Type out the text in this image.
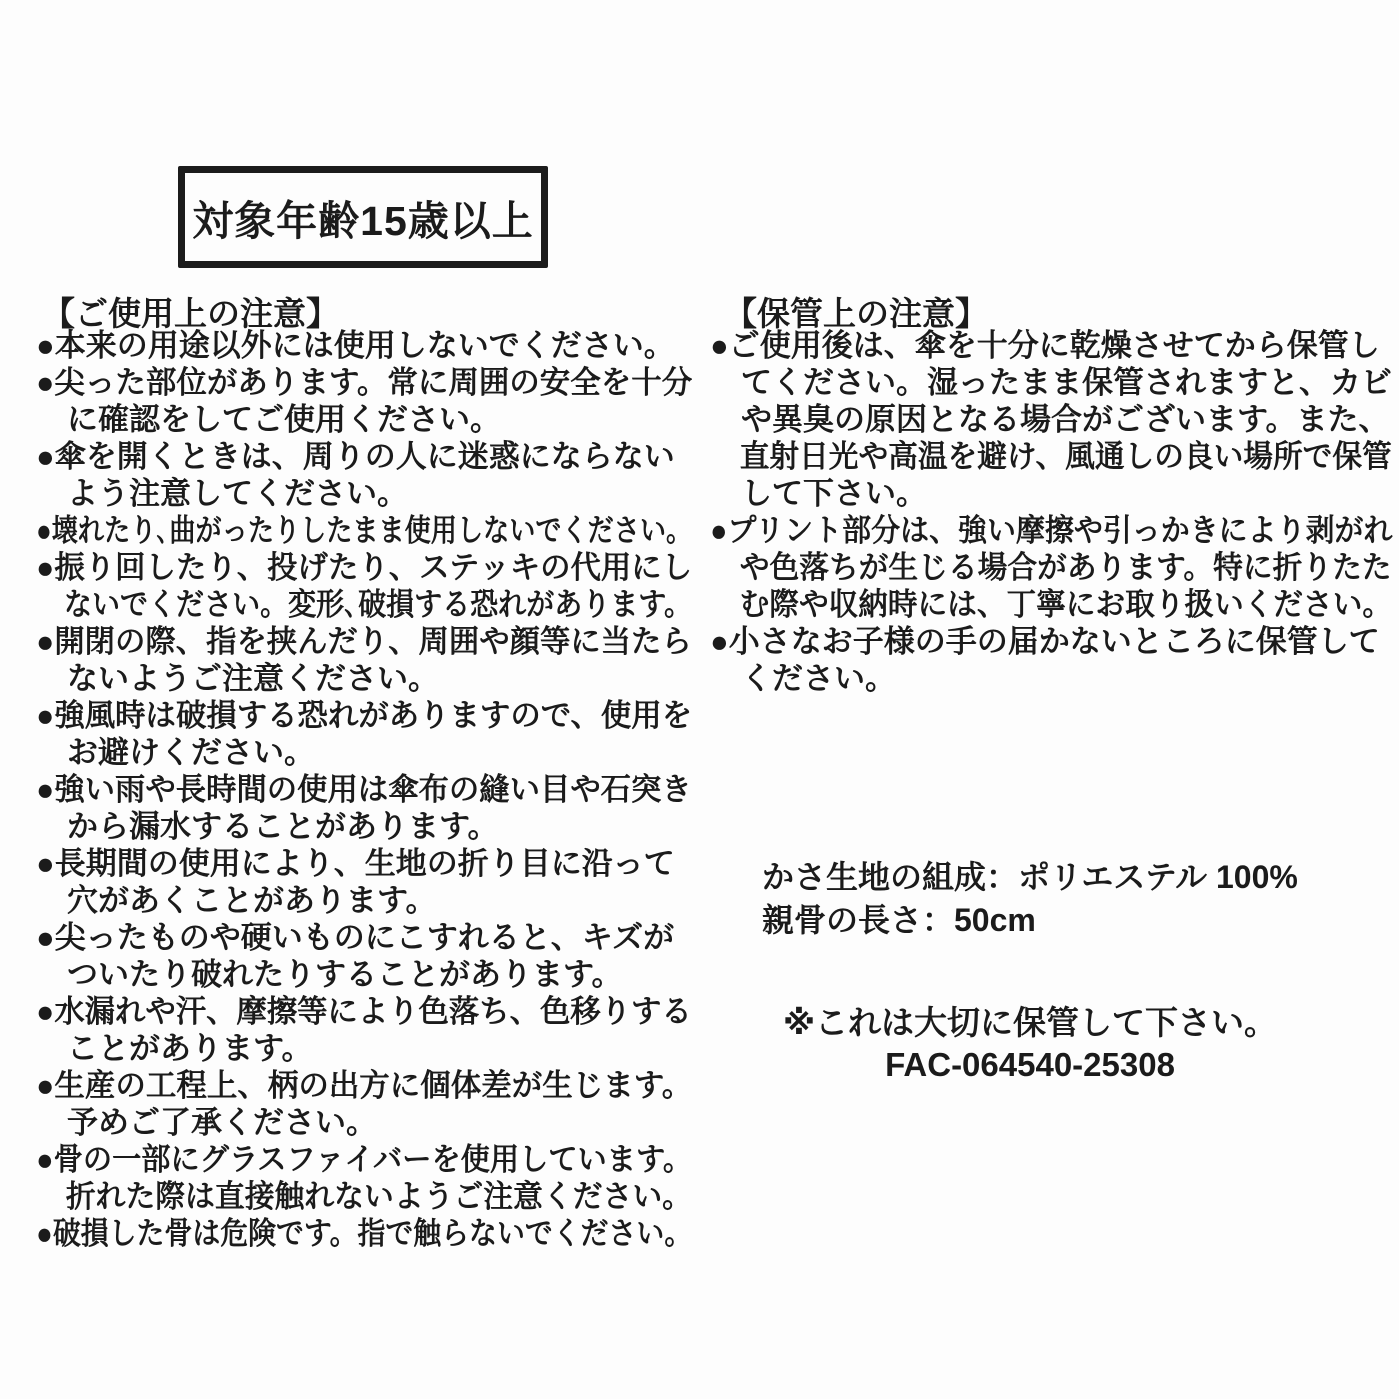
対象年齢15歳以上
【ご使用上の注意】
●本来の用途以外には使用しないでください。
●尖った部位があります。常に周囲の安全を十分
　に確認をしてご使用ください。
●傘を開くときは、周りの人に迷惑にならない
　よう注意してください。
●壊れたり､曲がったりしたまま使用しないでください。
●振り回したり、投げたり、ステッキの代用にし
　ないでください。変形､破損する恐れがあります。
●開閉の際、指を挟んだり、周囲や顔等に当たら
　ないようご注意ください。
●強風時は破損する恐れがありますので、使用を
　お避けください。
●強い雨や長時間の使用は傘布の縫い目や石突き
　から漏水することがあります。
●長期間の使用により、生地の折り目に沿って
　穴があくことがあります。
●尖ったものや硬いものにこすれると、キズが
　ついたり破れたりすることがあります。
●水漏れや汗、摩擦等により色落ち、色移りする
　ことがあります。
●生産の工程上、柄の出方に個体差が生じます。
　予めご了承ください。
●骨の一部にグラスファイバーを使用しています。
　折れた際は直接触れないようご注意ください。
●破損した骨は危険です。指で触らないでください。
【保管上の注意】
●ご使用後は、傘を十分に乾燥させてから保管し
　てください。湿ったまま保管されますと、カビ
　や異臭の原因となる場合がございます。また、
　直射日光や高温を避け、風通しの良い場所で保管
　して下さい。
●プリント部分は、強い摩擦や引っかきにより剥がれ
　や色落ちが生じる場合があります。特に折りたた
　む際や収納時には、丁寧にお取り扱いください。
●小さなお子様の手の届かないところに保管して
　ください。
かさ生地の組成：ポリエステル 100%
親骨の長さ：50cm
※これは大切に保管して下さい。
FAC-064540-25308
